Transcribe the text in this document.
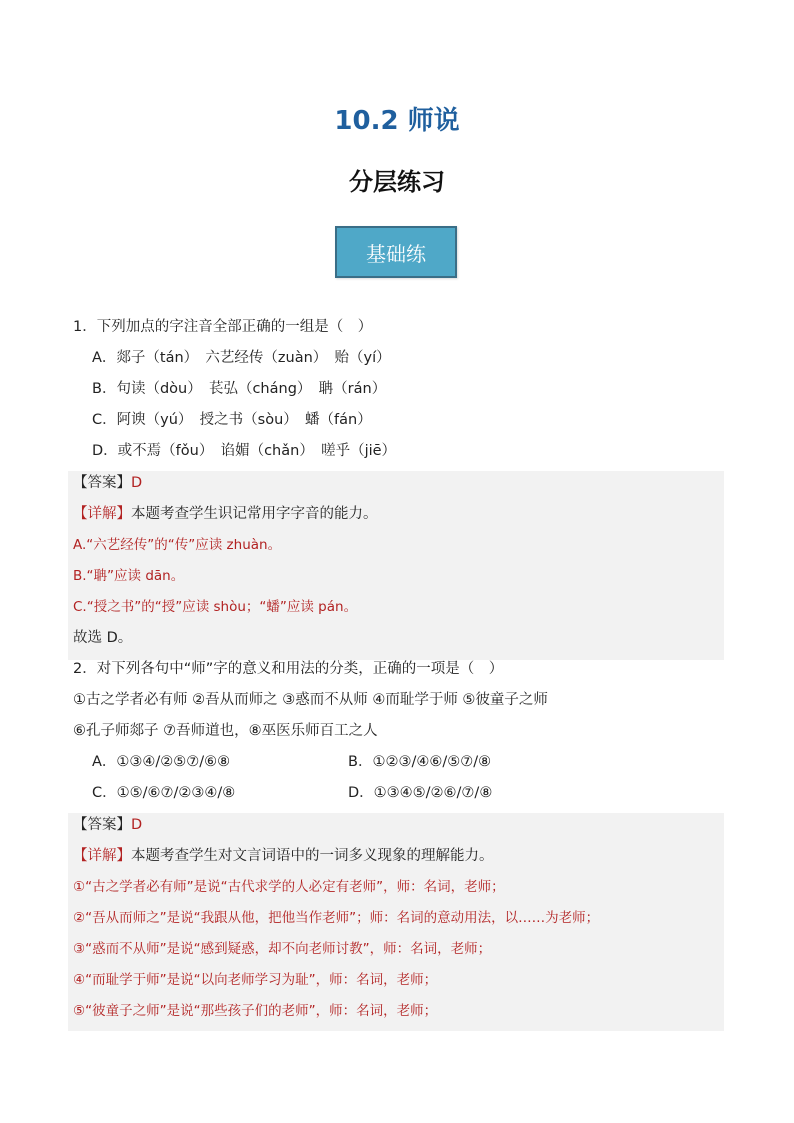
10.2 师说
分层练习
基础练
1．下列加点的字注音全部正确的一组是（　）
A．郯子（tán）　六艺经传（zuàn）　贻（yí）
B．句读（dòu）　苌弘（cháng）　聃（rán）
C．阿谀（yú）　授之书（sòu）　蟠（fán）
D．或不焉（fǒu）　谄媚（chǎn）　嗟乎（jiē）
【答案】D
【详解】本题考查学生识记常用字字音的能力。
A.“六艺经传”的“传”应读 zhuàn。
B.“聃”应读 dān。
C.“授之书”的“授”应读 shòu；“蟠”应读 pán。
故选 D。
2．对下列各句中“师”字的意义和用法的分类，正确的一项是（　）
①古之学者必有师 ②吾从而师之 ③惑而不从师 ④而耻学于师 ⑤彼童子之师
⑥孔子师郯子 ⑦吾师道也，⑧巫医乐师百工之人
A．①③④/②⑤⑦/⑥⑧	B．①②③/④⑥/⑤⑦/⑧
C．①⑤/⑥⑦/②③④/⑧	D．①③④⑤/②⑥/⑦/⑧
【答案】D
【详解】本题考查学生对文言词语中的一词多义现象的理解能力。
①“古之学者必有师”是说“古代求学的人必定有老师”，师：名词，老师；
②“吾从而师之”是说“我跟从他，把他当作老师”；师：名词的意动用法，以……为老师；
③“惑而不从师”是说“感到疑惑，却不向老师讨教”，师：名词，老师；
④“而耻学于师”是说“以向老师学习为耻”，师：名词，老师；
⑤“彼童子之师”是说“那些孩子们的老师”，师：名词，老师；
